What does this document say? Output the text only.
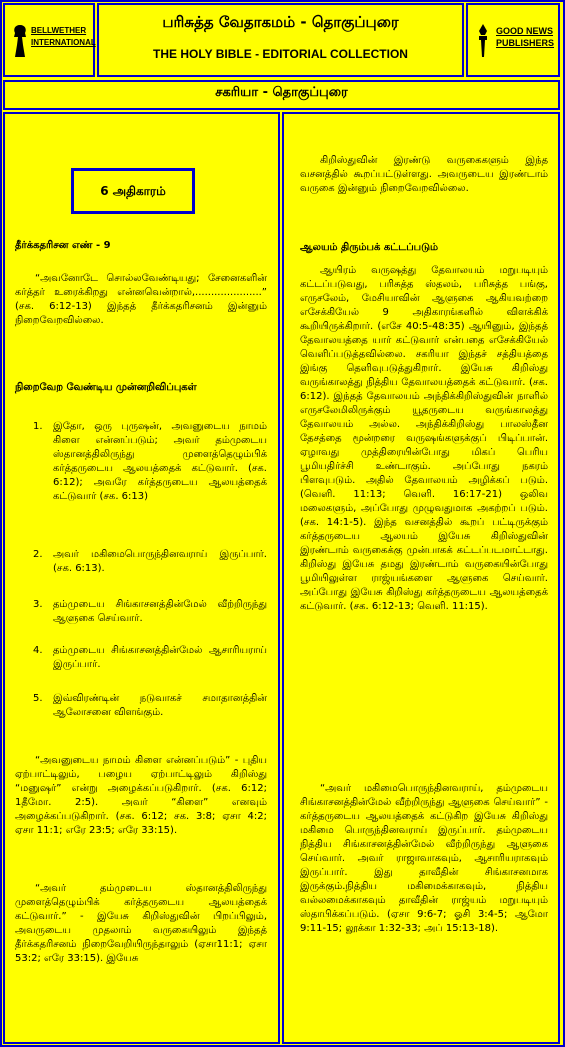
BELLWETHER
INTERNATIONAL
பரிசுத்த வேதாகமம் - தொகுப்புரை
THE HOLY BIBLE - EDITORIAL COLLECTION
GOOD NEWS
PUBLISHERS
சகரியா - தொகுப்புரை
6 அதிகாரம்
தீர்க்கதரிசன எண் - 9

“அவனோடே சொல்லவேண்டியது; சேனைகளின் கர்த்தர் உரைக்கிறது என்னவென்றால்,.....................” (சக. 6:12-13) இந்தத் தீர்க்கதரிசனம் இன்னும் நிறைவேறவில்லை.

நிறைவேற வேண்டிய முன்னறிவிப்புகள்
1. இதோ, ஒரு புருஷன், அவனுடைய நாமம் கிளை என்னப்படும்; அவர் தம்முடைய ஸ்தானத்திலிருந்து முளைத்தெழும்பிக் கர்த்தருடைய ஆலயத்தைக் கட்டுவார். (சக. 6:12); அவரே கர்த்தருடைய ஆலயத்தைக் கட்டுவார் (சக. 6:13)

2. அவர் மகிமைபொருந்தினவராய் இருப்பார். (சக. 6:13).

3. தம்முடைய சிங்காசனத்தின்மேல் வீற்றிருந்து ஆளுகை செய்வார்.

4. தம்முடைய சிங்காசனத்தின்மேல் ஆசாரியராய் இருப்பார்.

5. இவ்விரண்டின் நடுவாகச் சமாதானத்தின் ஆலோசனை விளங்கும்.

“அவனுடைய நாமம் கிளை என்னப்படும்” - புதிய ஏற்பாட்டிலும், பழைய ஏற்பாட்டிலும் கிறிஸ்து “மனுஷர்” என்று அழைக்கப்படுகிறார். (சக. 6:12; 1தீமோ. 2:5). அவர் “கிளை” எனவும் அழைக்கப்படுகிறார். (சக. 6:12; சக. 3:8; ஏசா 4:2; ஏசா 11:1; எரே 23:5; எரே 33:15).

“அவர் தம்முடைய ஸ்தானத்திலிருந்து முளைத்தெழும்பிக் கர்த்தருடைய ஆலயத்தைக் கட்டுவார்.” - இயேசு கிறிஸ்துவின் பிறப்பிலும், அவருடைய முதலாம் வருகையிலும் இந்தத் தீர்க்கதரிசனம் நிறைவேறியிருந்தாலும் (ஏசா11:1; ஏசா 53:2; எரே 33:15). இயேசு

கிறிஸ்துவின் இரண்டு வருகைகளும் இந்த வசனத்தில் கூறப்பட்டுள்ளது. அவருடைய இரண்டாம் வருகை இன்னும் நிறைவேறவில்லை.

ஆலயம் திரும்பக் கட்டப்படும்

ஆயிரம் வருஷத்து தேவாலயம் மறுபடியும் கட்டப்படுவது, பரிசுத்த ஸ்தலம், பரிசுத்த பங்கு, எருசலேம், மேசியாவின் ஆளுகை ஆகியவற்றை எசேக்கியேல் 9 அதிகாரங்களில் விளக்கிக் கூறியிருக்கிறார். (எசே 40:5-48:35) ஆயினும், இந்தத் தேவாலயத்தை யார் கட்டுவார் என்பதை எசேக்கியேல் வெளிப்படுத்தவில்லை. சகரியா இந்தச் சத்தியத்தை இங்கு தெளிவுபடுத்துகிறார். இயேசு கிறிஸ்து வருங்காலத்து நித்திய தேவாலயத்தைக் கட்டுவார். (சக. 6:12). இந்தத் தேவாலயம் அந்திக்கிறிஸ்துவின் நாளில் எருசலேமிலிருக்கும் யூதருடைய வருங்காலத்து தேவாலயம் அல்ல. அந்திக்கிறிஸ்து பாலஸ்தீன தேசத்தை மூன்றரை வருஷங்களுக்குப் பிடிப்பான். ஏழாவது முத்திரையின்போது மிகப் பெரிய பூமியதிர்ச்சி உண்டாகும். அப்போது நகரம் பிளவுபடும். அதில் தேவாலயம் அழிக்கப் படும். (வெளி. 11:13; வெளி. 16:17-21) ஒலிவ மலைகளும், அப்போது முழுவதுமாக அகற்றப் படும். (சக. 14:1-5). இந்த வசனத்தில் கூறப் பட்டிருக்கும் கர்த்தருடைய ஆலயம் இயேசு கிறிஸ்துவின் இரண்டாம் வருகைக்கு முன்பாகக் கட்டப்படமாட்டாது. கிறிஸ்து இயேசு தமது இரண்டாம் வருகையின்போது பூமியிலுள்ள ராஜ்யங்களை ஆளுகை செய்வார். அப்போது இயேசு கிறிஸ்து கர்த்தருடைய ஆலயத்தைக் கட்டுவார். (சக. 6:12-13; வெளி. 11:15).

“அவர் மகிமைபொருந்தினவராய், தம்முடைய சிங்காசனத்தின்மேல் வீற்றிருந்து ஆளுகை செய்வார்” - கர்த்தருடைய ஆலயத்தைக் கட்டுகிற இயேசு கிறிஸ்து மகிமை பொருந்தினவராய் இருப்பார். தம்முடைய நித்திய சிங்காசனத்தின்மேல் வீற்றிருந்து ஆளுகை செய்வார். அவர் ராஜாவாகவும், ஆசாரியராகவும் இருப்பார். இது தாவீதின் சிங்காசனமாக இருக்கும்.நித்திய மகிமைக்காகவும், நித்திய வல்லமைக்காகவும் தாவீதின் ராஜ்யம் மறுபடியும் ஸ்தாபிக்கப்படும். (ஏசா 9:6-7; ஓசி 3:4-5; ஆமோ 9:11-15; லூக்கா 1:32-33; அப் 15:13-18).
